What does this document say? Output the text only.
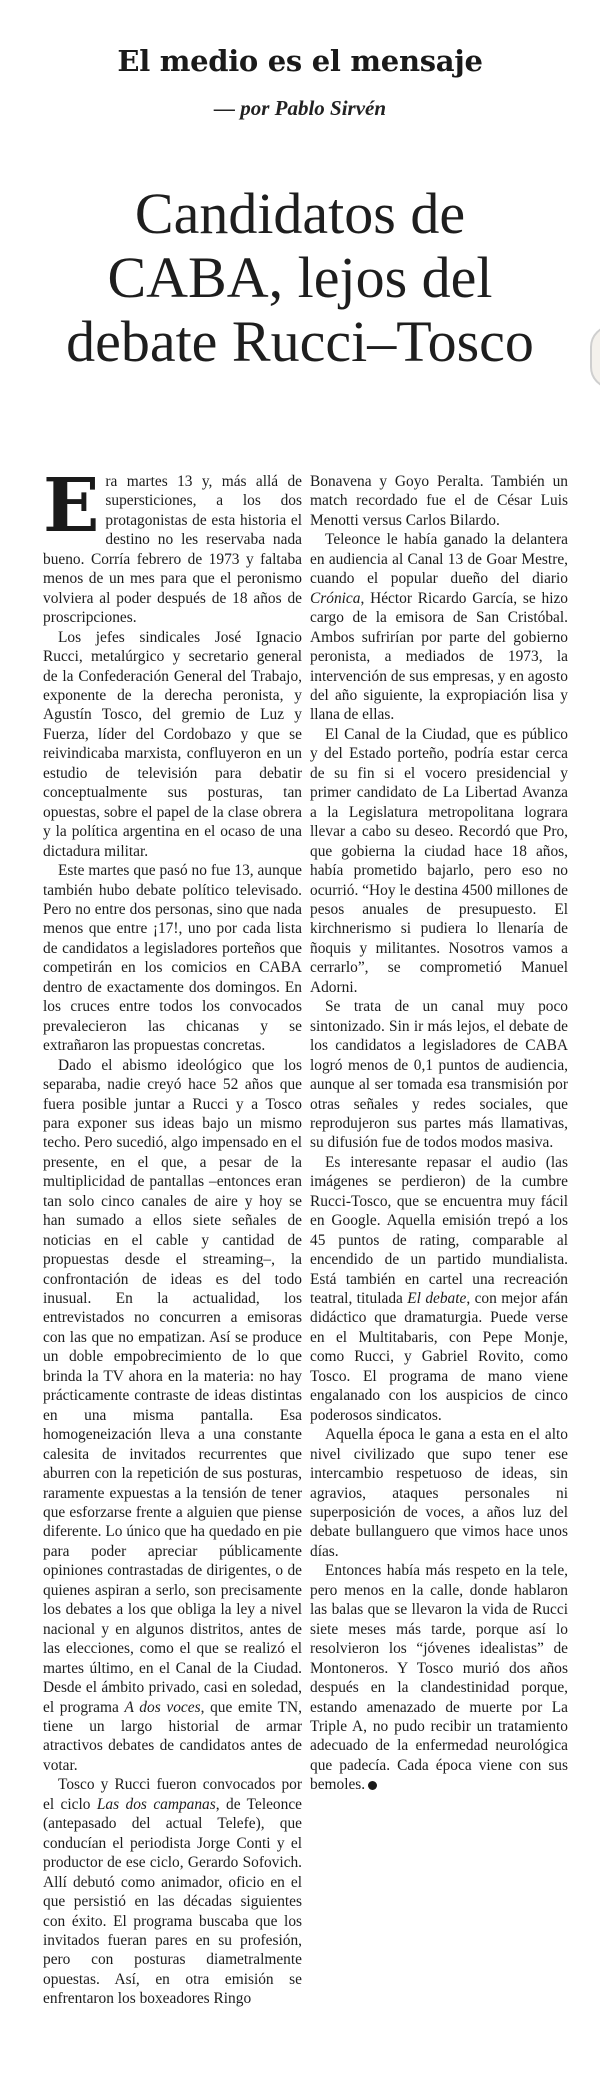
El medio es el mensaje
— por Pablo Sirvén
Candidatos de
CABA, lejos del
debate Rucci–Tosco

Era martes 13 y, más allá de supersticiones, a los dos protagonistas de esta historia el destino no les reservaba nada bueno. Corría febrero de 1973 y faltaba menos de un mes para que el peronismo volviera al poder después de 18 años de proscripciones.

Los jefes sindicales José Ignacio Rucci, metalúrgico y secretario general de la Confederación General del Trabajo, exponente de la derecha peronista, y Agustín Tosco, del gremio de Luz y Fuerza, líder del Cordobazo y que se reivindicaba marxista, confluyeron en un estudio de televisión para debatir conceptualmente sus posturas, tan opuestas, sobre el papel de la clase obrera y la política argentina en el ocaso de una dictadura militar.

Este martes que pasó no fue 13, aunque también hubo debate político televisado. Pero no entre dos personas, sino que nada menos que entre ¡17!, uno por cada lista de candidatos a legisladores porteños que competirán en los comicios en CABA dentro de exactamente dos domingos. En los cruces entre todos los convocados prevalecieron las chicanas y se extrañaron las propuestas concretas.

Dado el abismo ideológico que los separaba, nadie creyó hace 52 años que fuera posible juntar a Rucci y a Tosco para exponer sus ideas bajo un mismo techo. Pero sucedió, algo impensado en el presente, en el que, a pesar de la multiplicidad de pantallas –entonces eran tan solo cinco canales de aire y hoy se han sumado a ellos siete señales de noticias en el cable y cantidad de propuestas desde el streaming–, la confrontación de ideas es del todo inusual. En la actualidad, los entrevistados no concurren a emisoras con las que no empatizan. Así se produce un doble empobrecimiento de lo que brinda la TV ahora en la materia: no hay prácticamente contraste de ideas distintas en una misma pantalla. Esa homogeneización lleva a una constante calesita de invitados recurrentes que aburren con la repetición de sus posturas, raramente expuestas a la tensión de tener que esforzarse frente a alguien que piense diferente. Lo único que ha quedado en pie para poder apreciar públicamente opiniones contrastadas de dirigentes, o de quienes aspiran a serlo, son precisamente los debates a los que obliga la ley a nivel nacional y en algunos distritos, antes de las elecciones, como el que se realizó el martes último, en el Canal de la Ciudad. Desde el ámbito privado, casi en soledad, el programa A dos voces, que emite TN, tiene un largo historial de armar atractivos debates de candidatos antes de votar.

Tosco y Rucci fueron convocados por el ciclo Las dos campanas, de Teleonce (antepasado del actual Telefe), que conducían el periodista Jorge Conti y el productor de ese ciclo, Gerardo Sofovich. Allí debutó como animador, oficio en el que persistió en las décadas siguientes con éxito. El programa buscaba que los invitados fueran pares en su profesión, pero con posturas diametralmente opuestas. Así, en otra emisión se enfrentaron los boxeadores Ringo

Bonavena y Goyo Peralta. También un match recordado fue el de César Luis Menotti versus Carlos Bilardo.

Teleonce le había ganado la delantera en audiencia al Canal 13 de Goar Mestre, cuando el popular dueño del diario Crónica, Héctor Ricardo García, se hizo cargo de la emisora de San Cristóbal. Ambos sufrirían por parte del gobierno peronista, a mediados de 1973, la intervención de sus empresas, y en agosto del año siguiente, la expropiación lisa y llana de ellas.

El Canal de la Ciudad, que es público y del Estado porteño, podría estar cerca de su fin si el vocero presidencial y primer candidato de La Libertad Avanza a la Legislatura metropolitana lograra llevar a cabo su deseo. Recordó que Pro, que gobierna la ciudad hace 18 años, había prometido bajarlo, pero eso no ocurrió. “Hoy le destina 4500 millones de pesos anuales de presupuesto. El kirchnerismo si pudiera lo llenaría de ñoquis y militantes. Nosotros vamos a cerrarlo”, se comprometió Manuel Adorni.

Se trata de un canal muy poco sintonizado. Sin ir más lejos, el debate de los candidatos a legisladores de CABA logró menos de 0,1 puntos de audiencia, aunque al ser tomada esa transmisión por otras señales y redes sociales, que reprodujeron sus partes más llamativas, su difusión fue de todos modos masiva.

Es interesante repasar el audio (las imágenes se perdieron) de la cumbre Rucci-Tosco, que se encuentra muy fácil en Google. Aquella emisión trepó a los 45 puntos de rating, comparable al encendido de un partido mundialista. Está también en cartel una recreación teatral, titulada El debate, con mejor afán didáctico que dramaturgia. Puede verse en el Multitabaris, con Pepe Monje, como Rucci, y Gabriel Rovito, como Tosco. El programa de mano viene engalanado con los auspicios de cinco poderosos sindicatos.

Aquella época le gana a esta en el alto nivel civilizado que supo tener ese intercambio respetuoso de ideas, sin agravios, ataques personales ni superposición de voces, a años luz del debate bullanguero que vimos hace unos días.

Entonces había más respeto en la tele, pero menos en la calle, donde hablaron las balas que se llevaron la vida de Rucci siete meses más tarde, porque así lo resolvieron los “jóvenes idealistas” de Montoneros. Y Tosco murió dos años después en la clandestinidad porque, estando amenazado de muerte por La Triple A, no pudo recibir un tratamiento adecuado de la enfermedad neurológica que padecía. Cada época viene con sus bemoles.
